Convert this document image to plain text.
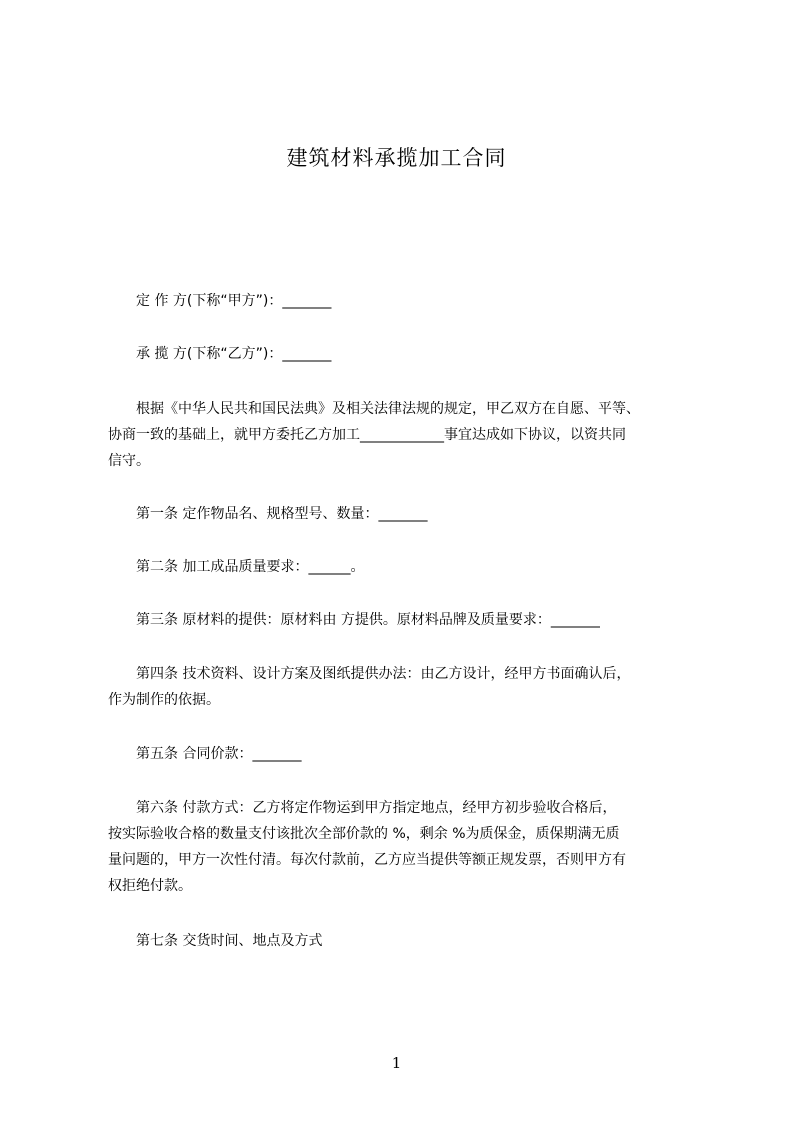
建筑材料承揽加工合同
定 作 方(下称“甲方”)：_______
承 揽 方(下称“乙方”)：_______
根据《中华人民共和国民法典》及相关法律法规的规定，甲乙双方在自愿、平等、
协商一致的基础上，就甲方委托乙方加工____________事宜达成如下协议，以资共同
信守。
第一条 定作物品名、规格型号、数量：_______
第二条 加工成品质量要求：______。
第三条 原材料的提供：原材料由 方提供。原材料品牌及质量要求：_______
第四条 技术资料、设计方案及图纸提供办法：由乙方设计，经甲方书面确认后，
作为制作的依据。
第五条 合同价款：_______
第六条 付款方式：乙方将定作物运到甲方指定地点，经甲方初步验收合格后，
按实际验收合格的数量支付该批次全部价款的 %，剩余 %为质保金，质保期满无质
量问题的，甲方一次性付清。每次付款前，乙方应当提供等额正规发票，否则甲方有
权拒绝付款。
第七条 交货时间、地点及方式
1
